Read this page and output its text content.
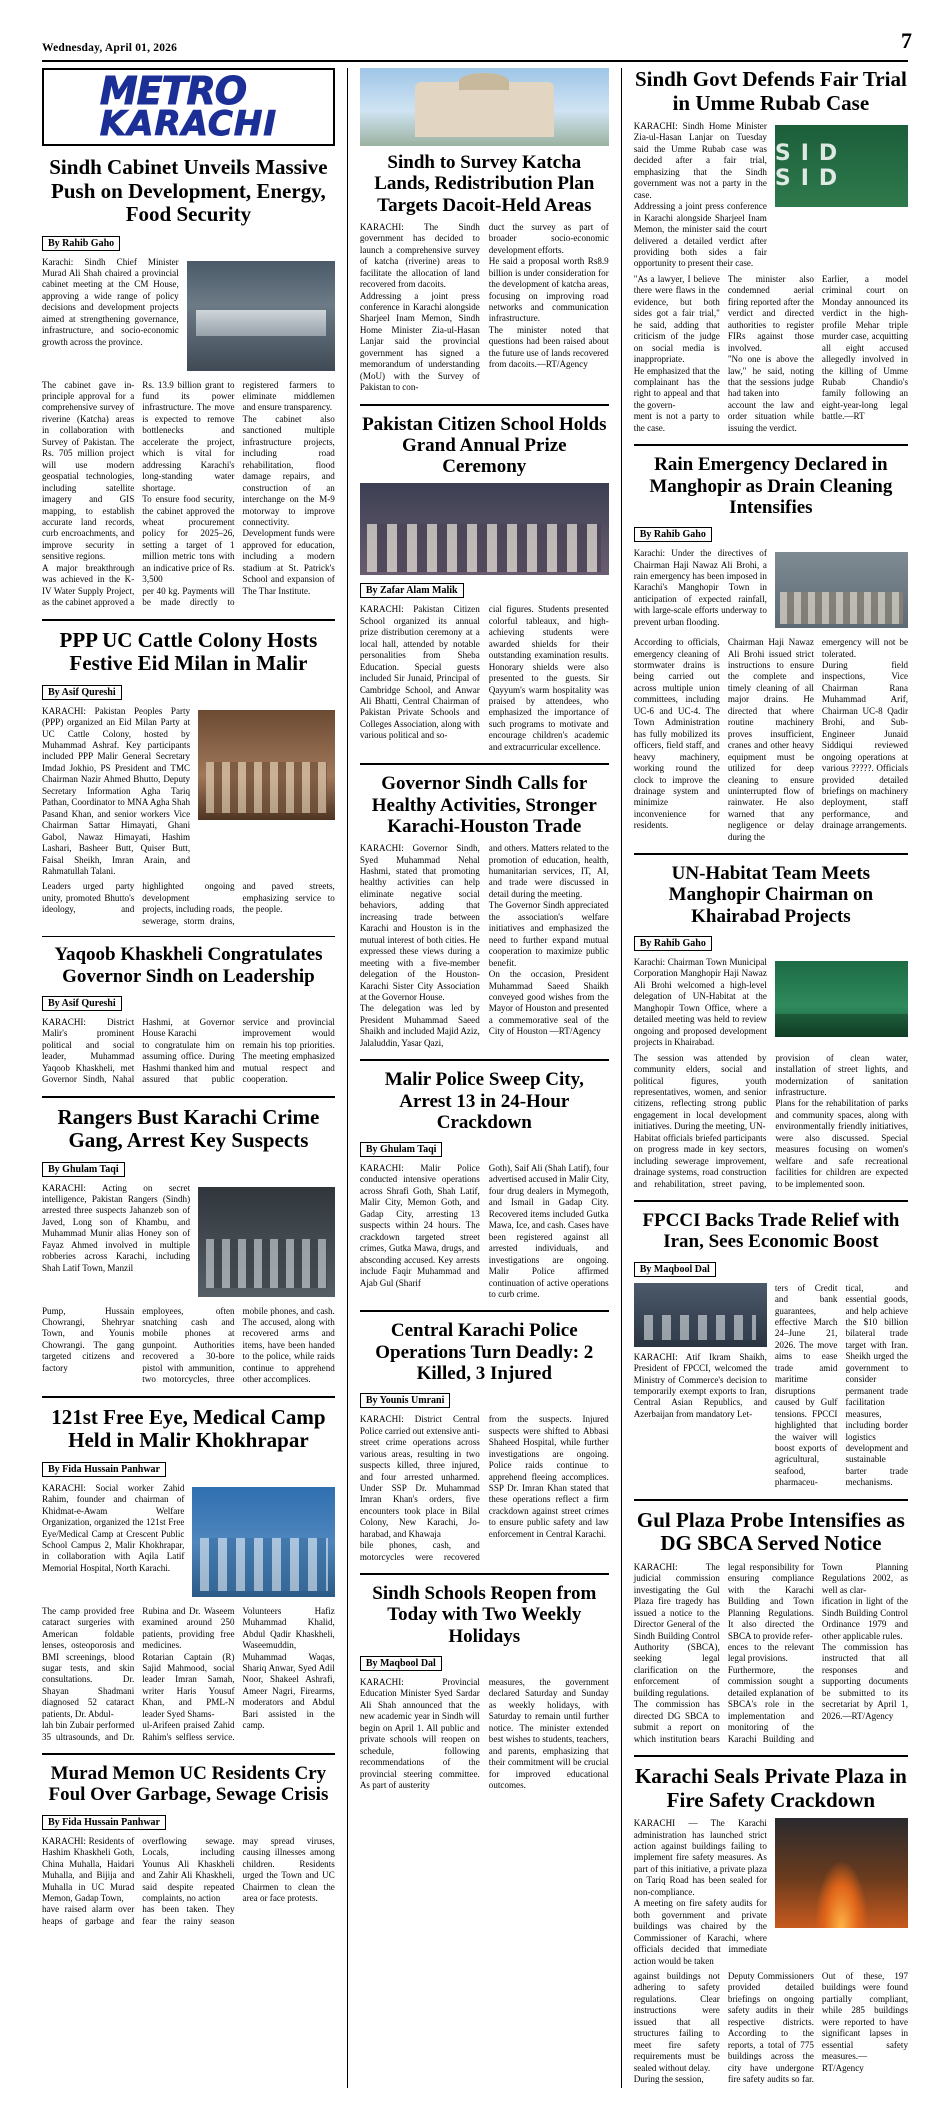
Wednesday, April 01, 2026	7
METRO
KARACHI
Sindh Cabinet Unveils Massive Push on Development, Energy, Food Security
By Rahib Gaho
Karachi: Sindh Chief Minister Murad Ali Shah chaired a provincial cabinet meeting at the CM House, approving a wide range of policy decisions and development projects aimed at strengthening governance, infrastructure, and socio-economic growth across the province.
The cabinet gave in-principle approval for a comprehensive survey of riverine (Katcha) areas in collaboration with Survey of Pakistan. The Rs. 705 million project will use modern geospatial technologies, including satellite imagery and GIS mapping, to establish accurate land records, curb encroachments, and improve security in sensitive regions.
A major breakthrough was achieved in the K-IV Water Supply Project, as the cabinet approved a Rs. 13.9 billion grant to fund its power infrastructure. The move is expected to remove bottlenecks and accelerate the project, which is vital for addressing Karachi's long-standing water shortage.
To ensure food security, the cabinet approved the wheat procurement policy for 2025–26, setting a target of 1 million metric tons with an indicative price of Rs. 3,500
per 40 kg. Payments will be made directly to registered farmers to eliminate middlemen and ensure transparency.
The cabinet also sanctioned multiple infrastructure projects, including road rehabilitation, flood damage repairs, and construction of an interchange on the M-9 motorway to improve connectivity. Development funds were approved for education, including a modern stadium at St. Patrick's School and expansion of The Thar Institute.
PPP UC Cattle Colony Hosts Festive Eid Milan in Malir
By Asif Qureshi
KARACHI: Pakistan Peoples Party (PPP) organized an Eid Milan Party at UC Cattle Colony, hosted by Muhammad Ashraf. Key participants included PPP Malir General Secretary Imdad Jokhio, PS President and TMC Chairman Nazir Ahmed Bhutto, Deputy Secretary Information Agha Tariq Pathan, Coordinator to MNA Agha Shah Pasand Khan, and senior workers Vice Chairman Sattar Himayati, Ghani Gabol, Nawaz Himayati, Hashim Lashari, Basheer Butt, Quiser Butt, Faisal Sheikh, Imran Arain, and Rahmatullah Talani.
Leaders urged party unity, promoted Bhutto's ideology, and highlighted ongoing development
projects, including roads, sewerage, storm drains, and paved streets, emphasizing service to the people.
Yaqoob Khaskheli Congratulates Governor Sindh on Leadership
By Asif Qureshi
KARACHI: District Malir's prominent political and social leader, Muhammad Yaqoob Khaskheli, met Governor Sindh, Nahal Hashmi, at Governor House Karachi
to congratulate him on assuming office. During Hashmi thanked him and assured that public service and provincial improvement would remain his top priorities. The meeting emphasized mutual respect and cooperation.
Rangers Bust Karachi Crime Gang, Arrest Key Suspects
By Ghulam Taqi
KARACHI: Acting on secret intelligence, Pakistan Rangers (Sindh) arrested three suspects Jahanzeb son of Javed, Long son of Khambu, and Muhammad Munir alias Honey son of Fayaz Ahmed involved in multiple robberies across Karachi, including Shah Latif Town, Manzil
Pump, Hussain Chowrangi, Shehryar Town, and Younis Chowrangi. The gang targeted citizens and factory
employees, often snatching cash and mobile phones at gunpoint. Authorities recovered a 30-bore pistol with ammunition, two motorcycles, three mobile phones, and cash. The accused, along with recovered arms and items, have been handed to the police, while raids continue to apprehend other accomplices.
121st Free Eye, Medical Camp Held in Malir Khokhrapar
By Fida Hussain Panhwar
KARACHI: Social worker Zahid Rahim, founder and chairman of Khidmat-e-Awam Welfare Organization, organized the 121st Free Eye/Medical Camp at Crescent Public School Campus 2, Malir Khokhrapar, in collaboration with Aqila Latif Memorial Hospital, North Karachi.
The camp provided free cataract surgeries with American foldable lenses, osteoporosis and BMI screenings, blood sugar tests, and skin consultations. Dr. Shayan Shadmani diagnosed 52 cataract patients, Dr. Abdul-
lah bin Zubair performed 35 ultrasounds, and Dr. Rubina and Dr. Waseem examined around 250 patients, providing free medicines.
Rotarian Captain (R) Sajid Mahmood, social leader Imran Samah, writer Haris Yousuf Khan, and PML-N leader Syed Shams-
ul-Arifeen praised Zahid Rahim's selfless service. Volunteers Hafiz Muhammad Khalid, Abdul Qadir Khaskheli, Waseemuddin, Muhammad Waqas, Shariq Anwar, Syed Adil Noor, Shakeel Ashrafi, Ameer Nagri, Firearms, moderators and Abdul Bari assisted in the camp.
Murad Memon UC Residents Cry Foul Over Garbage, Sewage Crisis
By Fida Hussain Panhwar
KARACHI: Residents of Hashim Khaskheli Goth, China Muhalla, Haidari Muhalla, and Bijija and Muhalla in UC Murad Memon, Gadap Town,
have raised alarm over heaps of garbage and overflowing sewage. Locals, including Younus Ali Khaskheli and Zahir Ali Khaskheli, said despite repeated complaints, no action
has been taken. They fear the rainy season may spread viruses, causing illnesses among children. Residents urged the Town and UC Chairmen to clean the area or face protests.
Sindh to Survey Katcha Lands, Redistribution Plan Targets Dacoit-Held Areas
KARACHI: The Sindh government has decided to launch a comprehensive survey of katcha (riverine) areas to facilitate the allocation of land recovered from dacoits.
Addressing a joint press conference in Karachi alongside Sharjeel Inam Memon, Sindh Home Minister Zia-ul-Hasan Lanjar said the provincial government has signed a memorandum of understanding (MoU) with the Survey of Pakistan to con-
duct the survey as part of broader socio-economic development efforts.
He said a proposal worth Rs8.9 billion is under consideration for the development of katcha areas, focusing on improving road networks and communication infrastructure.
The minister noted that questions had been raised about the future use of lands recovered from dacoits.—RT/Agency
Pakistan Citizen School Holds Grand Annual Prize Ceremony
By Zafar Alam Malik
KARACHI: Pakistan Citizen School organized its annual prize distribution ceremony at a local hall, attended by notable personalities from Sheba Education. Special guests included Sir Junaid, Principal of Cambridge School, and Anwar Ali Bhatti, Central Chairman of Pakistan Private Schools and Colleges Association, along with various political and so-
cial figures. Students presented colorful tableaux, and high-achieving students were awarded shields for their outstanding examination results. Honorary shields were also presented to the guests. Sir Qayyum's warm hospitality was praised by attendees, who emphasized the importance of such programs to motivate and encourage children's academic and extracurricular excellence.
Governor Sindh Calls for Healthy Activities, Stronger Karachi-Houston Trade
KARACHI: Governor Sindh, Syed Muhammad Nehal Hashmi, stated that promoting healthy activities can help eliminate negative social behaviors, adding that increasing trade between Karachi and Houston is in the mutual interest of both cities. He expressed these views during a meeting with a five-member delegation of the Houston-Karachi Sister City Association at the Governor House.
The delegation was led by President Muhammad Saeed Shaikh and included Majid Aziz, Jalaluddin, Yasar Qazi,
and others. Matters related to the promotion of education, health, humanitarian services, IT, AI, and trade were discussed in detail during the meeting.
The Governor Sindh appreciated the association's welfare initiatives and emphasized the need to further expand mutual cooperation to maximize public benefit.
On the occasion, President Muhammad Saeed Shaikh conveyed good wishes from the Mayor of Houston and presented a commemorative seal of the City of Houston —RT/Agency
Malir Police Sweep City, Arrest 13 in 24-Hour Crackdown
By Ghulam Taqi
KARACHI: Malir Police conducted intensive operations across Shrafi Goth, Shah Latif, Malir City, Memon Goth, and Gadap City, arresting 13 suspects within 24 hours. The crackdown targeted street crimes, Gutka Mawa, drugs, and absconding accused. Key arrests include Faqir Muhammad and Ajab Gul (Sharif
Goth), Saif Ali (Shah Latif), four advertised accused in Malir City, four drug dealers in Mymegoth, and Ismail in Gadap City. Recovered items included Gutka Mawa, Ice, and cash. Cases have been registered against all arrested individuals, and investigations are ongoing. Malir Police affirmed continuation of active operations to curb crime.
Central Karachi Police Operations Turn Deadly: 2 Killed, 3 Injured
By Younis Umrani
KARACHI: District Central Police carried out extensive anti-street crime operations across various areas, resulting in two suspects killed, three injured, and four arrested unharmed. Under SSP Dr. Muhammad Imran Khan's orders, five encounters took place in Bilal Colony, New Karachi, Jo-harabad, and Khawaja
bile phones, cash, and motorcycles were recovered from the suspects. Injured suspects were shifted to Abbasi Shaheed Hospital, while further investigations are ongoing. Police raids continue to apprehend fleeing accomplices. SSP Dr. Imran Khan stated that these operations reflect a firm crackdown against street crimes to ensure public safety and law enforcement in Central Karachi.
Sindh Schools Reopen from Today with Two Weekly Holidays
By Maqbool Dal
KARACHI: Provincial Education Minister Syed Sardar Ali Shah announced that the new academic year in Sindh will begin on April 1. All public and private schools will reopen on schedule, following recommendations of the provincial steering committee. As part of austerity
measures, the government declared Saturday and Sunday as weekly holidays, with Saturday to remain until further notice. The minister extended best wishes to students, teachers, and parents, emphasizing that their commitment will be crucial for improved educational outcomes.
Sindh Govt Defends Fair Trial in Umme Rubab Case
KARACHI: Sindh Home Minister Zia-ul-Hasan Lanjar on Tuesday said the Umme Rubab case was decided after a fair trial, emphasizing that the Sindh government was not a party in the case.
Addressing a joint press conference in Karachi alongside Sharjeel Inam Memon, the minister said the court delivered a detailed verdict after providing both sides a fair opportunity to present their case.
SID SID
"As a lawyer, I believe there were flaws in the evidence, but both sides got a fair trial," he said, adding that criticism of the judge on social media is inappropriate.
He emphasized that the complainant has the right to appeal and that the govern-
ment is not a party to the case.
The minister also condemned aerial firing reported after the verdict and directed authorities to register FIRs against those involved.
"No one is above the law," he said, noting that the sessions judge had taken into
account the law and order situation while issuing the verdict.
Earlier, a model criminal court on Monday announced its verdict in the high-profile Mehar triple murder case, acquitting all eight accused allegedly involved in the killing of Umme Rubab Chandio's family following an eight-year-long legal battle.—RT
Rain Emergency Declared in Manghopir as Drain Cleaning Intensifies
By Rahib Gaho
Karachi: Under the directives of Chairman Haji Nawaz Ali Brohi, a rain emergency has been imposed in Karachi's Manghopir Town in anticipation of expected rainfall, with large-scale efforts underway to prevent urban flooding.
According to officials, emergency cleaning of stormwater drains is being carried out across multiple union committees, including UC-6 and UC-4. The Town Administration has fully mobilized its officers, field staff, and heavy machinery, working round the clock to improve the drainage system and minimize inconvenience for residents.
Chairman Haji Nawaz Ali Brohi issued strict instructions to ensure the complete and timely cleaning of all major drains. He directed that where routine machinery proves insufficient, cranes and other heavy equipment must be utilized for deep cleaning to ensure uninterrupted flow of rainwater. He also warned that any negligence or delay during the
emergency will not be tolerated.
During field inspections, Vice Chairman Rana Muhammad Arif, Chairman UC-8 Qadir Brohi, and Sub-Engineer Junaid Siddiqui reviewed ongoing operations at various ?????. Officials provided detailed briefings on machinery deployment, staff performance, and drainage arrangements.
UN-Habitat Team Meets Manghopir Chairman on Khairabad Projects
By Rahib Gaho
Karachi: Chairman Town Municipal Corporation Manghopir Haji Nawaz Ali Brohi welcomed a high-level delegation of UN-Habitat at the Manghopir Town Office, where a detailed meeting was held to review ongoing and proposed development projects in Khairabad.
The session was attended by community elders, social and political figures, youth representatives, women, and senior citizens, reflecting strong public engagement in local development initiatives. During the meeting, UN-
Habitat officials briefed participants on progress made in key sectors, including sewerage improvement, drainage systems, road construction and rehabilitation, street paving, provision of clean water, installation of street lights, and modernization of sanitation infrastructure.
Plans for the rehabilitation of parks and community spaces, along with environmentally friendly initiatives, were also discussed. Special measures focusing on women's welfare and safe recreational facilities for children are expected to be implemented soon.
FPCCI Backs Trade Relief with Iran, Sees Economic Boost
By Maqbool Dal
KARACHI: Atif Ikram Shaikh, President of FPCCI, welcomed the Ministry of Commerce's decision to temporarily exempt exports to Iran, Central Asian Republics, and Azerbaijan from mandatory Let-
ters of Credit and bank guarantees, effective March 24–June 21, 2026. The move aims to ease trade amid maritime disruptions caused by Gulf tensions. FPCCI highlighted that the waiver will boost exports of agricultural, seafood, pharmaceu-
tical, and essential goods, and help achieve the $10 billion bilateral trade target with Iran. Sheikh urged the government to consider permanent trade facilitation measures, including border logistics development and sustainable barter trade mechanisms.
Gul Plaza Probe Intensifies as DG SBCA Served Notice
KARACHI: The judicial commission investigating the Gul Plaza fire tragedy has issued a notice to the Director General of the Sindh Building Control Authority (SBCA), seeking legal clarification on the enforcement of building regulations.
The commission has directed DG SBCA to submit a report on which institution bears legal responsibility for ensuring compliance with the Karachi Building and Town Planning Regulations. It also directed the SBCA to provide refer-
ences to the relevant legal provisions.
Furthermore, the commission sought a detailed explanation of SBCA's role in the implementation and monitoring of the Karachi Building and Town Planning Regulations 2002, as well as clar-
ification in light of the Sindh Building Control Ordinance 1979 and other applicable rules.
The commission has instructed that all responses and supporting documents be submitted to its secretariat by April 1, 2026.—RT/Agency
Karachi Seals Private Plaza in Fire Safety Crackdown
KARACHI — The Karachi administration has launched strict action against buildings failing to implement fire safety measures. As part of this initiative, a private plaza on Tariq Road has been sealed for non-compliance.
A meeting on fire safety audits for both government and private buildings was chaired by the Commissioner of Karachi, where officials decided that immediate action would be taken
against buildings not adhering to safety regulations. Clear instructions were issued that all structures failing to meet fire safety requirements must be sealed without delay.
During the session,
Deputy Commissioners provided detailed briefings on ongoing safety audits in their respective districts. According to the reports, a total of 775 buildings across the city have undergone fire safety audits so far. Out of these, 197 buildings were found partially compliant, while 285 buildings were reported to have significant lapses in essential safety measures.—RT/Agency
